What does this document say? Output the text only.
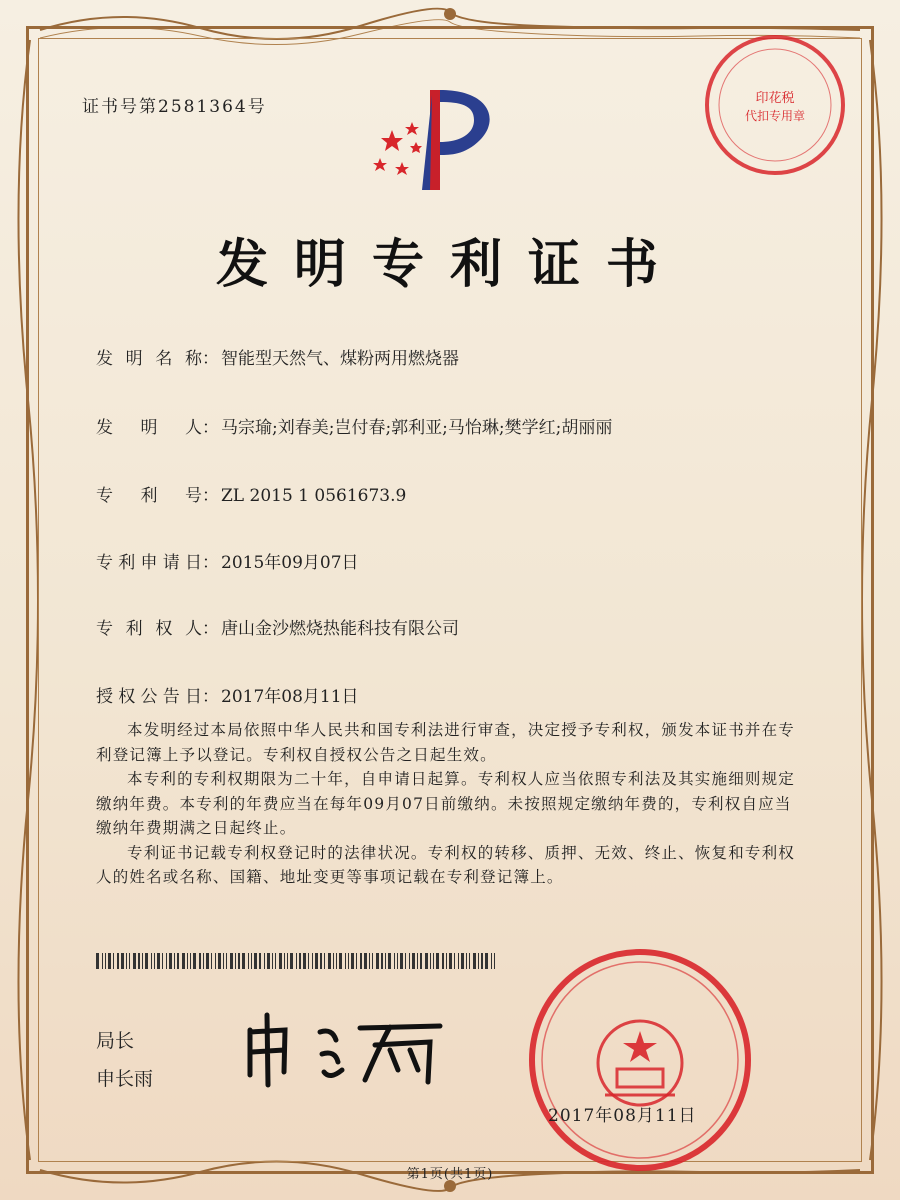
证书号第2581364号	印花税
代扣专用章
发明专利证书
发明名称： 智能型天然气、煤粉两用燃烧器
发明人： 马宗瑜;刘春美;岂付春;郭利亚;马怡琳;樊学红;胡丽丽
专利号： ZL 2015 1 0561673.9
专利申请日： 2015年09月07日
专利权人： 唐山金沙燃烧热能科技有限公司
授权公告日： 2017年08月11日

本发明经过本局依照中华人民共和国专利法进行审查，决定授予专利权，颁发本证书并在专利登记簿上予以登记。专利权自授权公告之日起生效。

本专利的专利权期限为二十年，自申请日起算。专利权人应当依照专利法及其实施细则规定缴纳年费。本专利的年费应当在每年09月07日前缴纳。未按照规定缴纳年费的，专利权自应当缴纳年费期满之日起终止。

专利证书记载专利权登记时的法律状况。专利权的转移、质押、无效、终止、恢复和专利权人的姓名或名称、国籍、地址变更等事项记载在专利登记簿上。

局长
申长雨
2017年08月11日
第1页(共1页)
